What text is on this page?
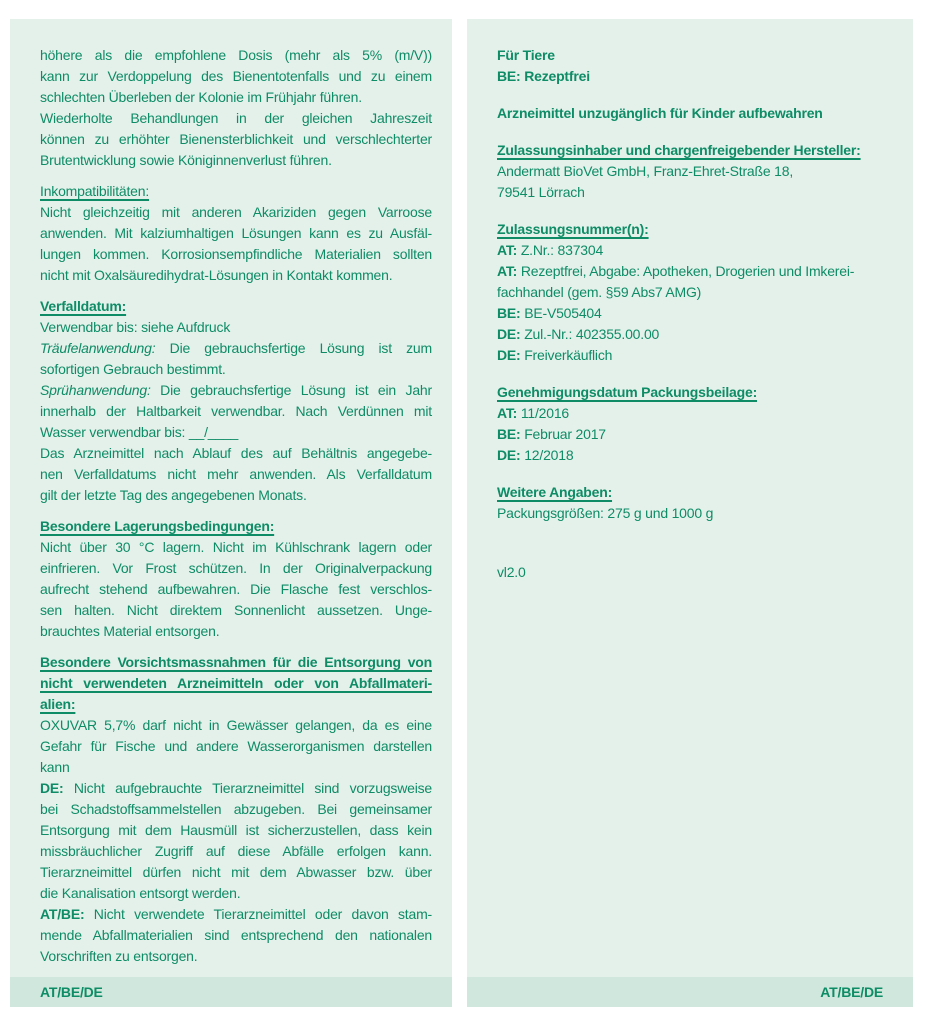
höhere als die empfohlene Dosis (mehr als 5% (m/V))
kann zur Verdoppelung des Bienentotenfalls und zu einem
schlechten Überleben der Kolonie im Frühjahr führen.
Wiederholte Behandlungen in der gleichen Jahreszeit
können zu erhöhter Bienensterblichkeit und verschlechterter
Brutentwicklung sowie Königinnenverlust führen.
Inkompatibilitäten:
Nicht gleichzeitig mit anderen Akariziden gegen Varroose
anwenden. Mit kalziumhaltigen Lösungen kann es zu Ausfäl-
lungen kommen. Korrosionsempfindliche Materialien sollten
nicht mit Oxalsäuredihydrat-Lösungen in Kontakt kommen.
Verfalldatum:
Verwendbar bis: siehe Aufdruck
Träufelanwendung: Die gebrauchsfertige Lösung ist zum
sofortigen Gebrauch bestimmt.
Sprühanwendung: Die gebrauchsfertige Lösung ist ein Jahr
innerhalb der Haltbarkeit verwendbar. Nach Verdünnen mit
Wasser verwendbar bis: __/____
Das Arzneimittel nach Ablauf des auf Behältnis angegebe-
nen Verfalldatums nicht mehr anwenden. Als Verfalldatum
gilt der letzte Tag des angegebenen Monats.
Besondere Lagerungsbedingungen:
Nicht über 30 °C lagern. Nicht im Kühlschrank lagern oder
einfrieren. Vor Frost schützen. In der Originalverpackung
aufrecht stehend aufbewahren. Die Flasche fest verschlos-
sen halten. Nicht direktem Sonnenlicht aussetzen. Unge-
brauchtes Material entsorgen.
Besondere Vorsichtsmassnahmen für die Entsorgung von
nicht verwendeten Arzneimitteln oder von Abfallmateri-
alien:
OXUVAR 5,7% darf nicht in Gewässer gelangen, da es eine
Gefahr für Fische und andere Wasserorganismen darstellen
kann
DE: Nicht aufgebrauchte Tierarzneimittel sind vorzugsweise
bei Schadstoffsammelstellen abzugeben. Bei gemeinsamer
Entsorgung mit dem Hausmüll ist sicherzustellen, dass kein
missbräuchlicher Zugriff auf diese Abfälle erfolgen kann.
Tierarzneimittel dürfen nicht mit dem Abwasser bzw. über
die Kanalisation entsorgt werden.
AT/BE: Nicht verwendete Tierarzneimittel oder davon stam-
mende Abfallmaterialien sind entsprechend den nationalen
Vorschriften zu entsorgen.
AT/BE/DE
Für Tiere
BE: Rezeptfrei
Arzneimittel unzugänglich für Kinder aufbewahren
Zulassungsinhaber und chargenfreigebender Hersteller:
Andermatt BioVet GmbH, Franz-Ehret-Straße 18,
79541 Lörrach
Zulassungsnummer(n):
AT: Z.Nr.: 837304
AT: Rezeptfrei, Abgabe: Apotheken, Drogerien und Imkerei-
fachhandel (gem. §59 Abs7 AMG)
BE: BE-V505404
DE: Zul.-Nr.: 402355.00.00
DE: Freiverkäuflich
Genehmigungsdatum Packungsbeilage:
AT: 11/2016
BE: Februar 2017
DE: 12/2018
Weitere Angaben:
Packungsgrößen: 275 g und 1000 g
vl2.0
AT/BE/DE
